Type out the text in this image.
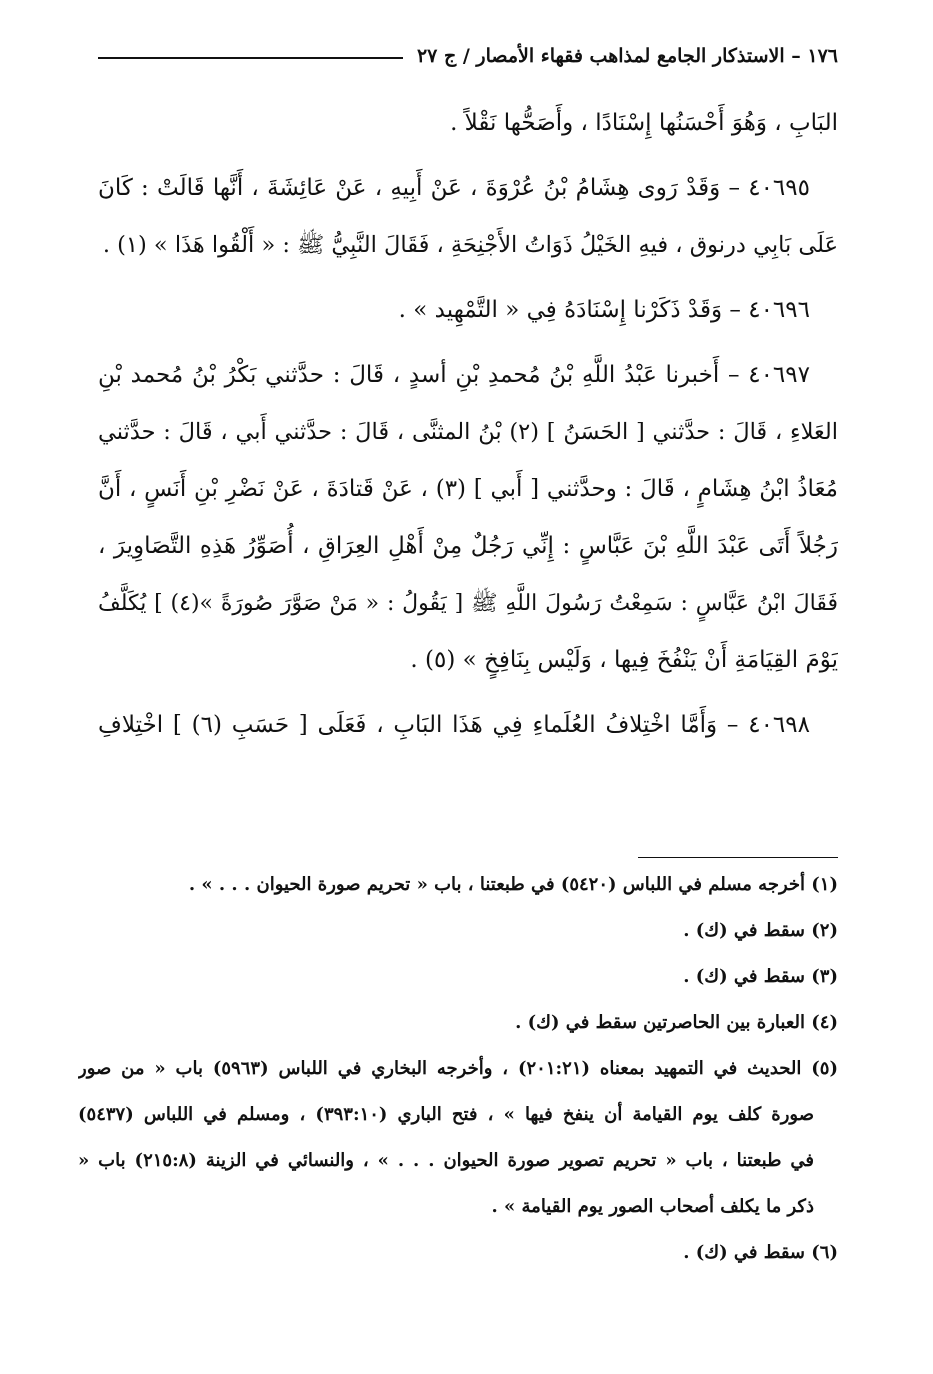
١٧٦ – الاستذكار الجامع لمذاهب فقهاء الأمصار / ج ٢٧
البَابِ ، وَهُوَ أَحْسَنُها إِسْنَادًا ، وأَصَحُّها نَقْلاً .
٤٠٦٩٥ – وَقَدْ رَوى هِشَامُ بْنُ عُرْوَةَ ، عَنْ أَبِيهِ ، عَنْ عَائِشَةَ ، أَنَّها قَالَتْ : كَانَ
عَلَى بَابِي درنوق ، فيهِ الخَيْلُ ذَوَاتُ الأَجْنِحَةِ ، فَقَالَ النَّبِيُّ ﷺ : « أَلْقُوا هَذَا » (١) .
٤٠٦٩٦ – وَقَدْ ذَكَرْنا إِسْنَادَهُ فِي « التَّمْهِيد » .
٤٠٦٩٧ – أَخبرنا عَبْدُ اللَّهِ بْنُ مُحمدِ بْنِ أسدٍ ، قَالَ : حدَّثني بَكْرُ بْنُ مُحمد بْنِ
العَلاءِ ، قَالَ : حدَّثني [ الحَسَنُ ] (٢) بْنُ المثنَّى ، قَالَ : حدَّثني أَبي ، قَالَ : حدَّثني
مُعَاذُ ابْنُ هِشَامٍ ، قَالَ : وحدَّثني [ أَبي ] (٣) ، عَنْ قَتادَةَ ، عَنْ نَضْرِ بْنِ أَنَسٍ ، أَنَّ
رَجُلاً أَتَى عَبْدَ اللَّهِ بْنَ عَبَّاسٍ : إِنِّي رَجُلٌ مِنْ أَهْلِ العِرَاقِ ، أُصَوِّرُ هَذِهِ التَّصَاوِيرَ ،
فَقَالَ ابْنُ عَبَّاسٍ : سَمِعْتُ رَسُولَ اللَّهِ ﷺ [ يَقُولُ : « مَنْ صَوَّرَ صُورَةً »(٤) ] يُكَلَّفُ
يَوْمَ القِيَامَةِ أَنْ يَنْفُخَ فِيها ، وَلَيْس بِنَافِخٍ » (٥) .
٤٠٦٩٨ – وَأَمَّا اخْتِلافُ العُلَماءِ فِي هَذَا البَابِ ، فَعَلَى [ حَسَبِ (٦) ] اخْتِلافِ
(١) أخرجه مسلم في اللباس (٥٤٢٠) في طبعتنا ، باب « تحريم صورة الحيوان . . . » .
(٢) سقط في (ك) .
(٣) سقط في (ك) .
(٤) العبارة بين الحاصرتين سقط في (ك) .
(٥) الحديث في التمهيد بمعناه (٢٠١:٢١) ، وأخرجه البخاري في اللباس (٥٩٦٣) باب « من صور
صورة كلف يوم القيامة أن ينفخ فيها » ، فتح الباري (٣٩٣:١٠) ، ومسلم في اللباس (٥٤٣٧)
في طبعتنا ، باب « تحريم تصوير صورة الحيوان . . . » ، والنسائي في الزينة (٢١٥:٨) باب «
ذكر ما يكلف أصحاب الصور يوم القيامة » .
(٦) سقط في (ك) .
